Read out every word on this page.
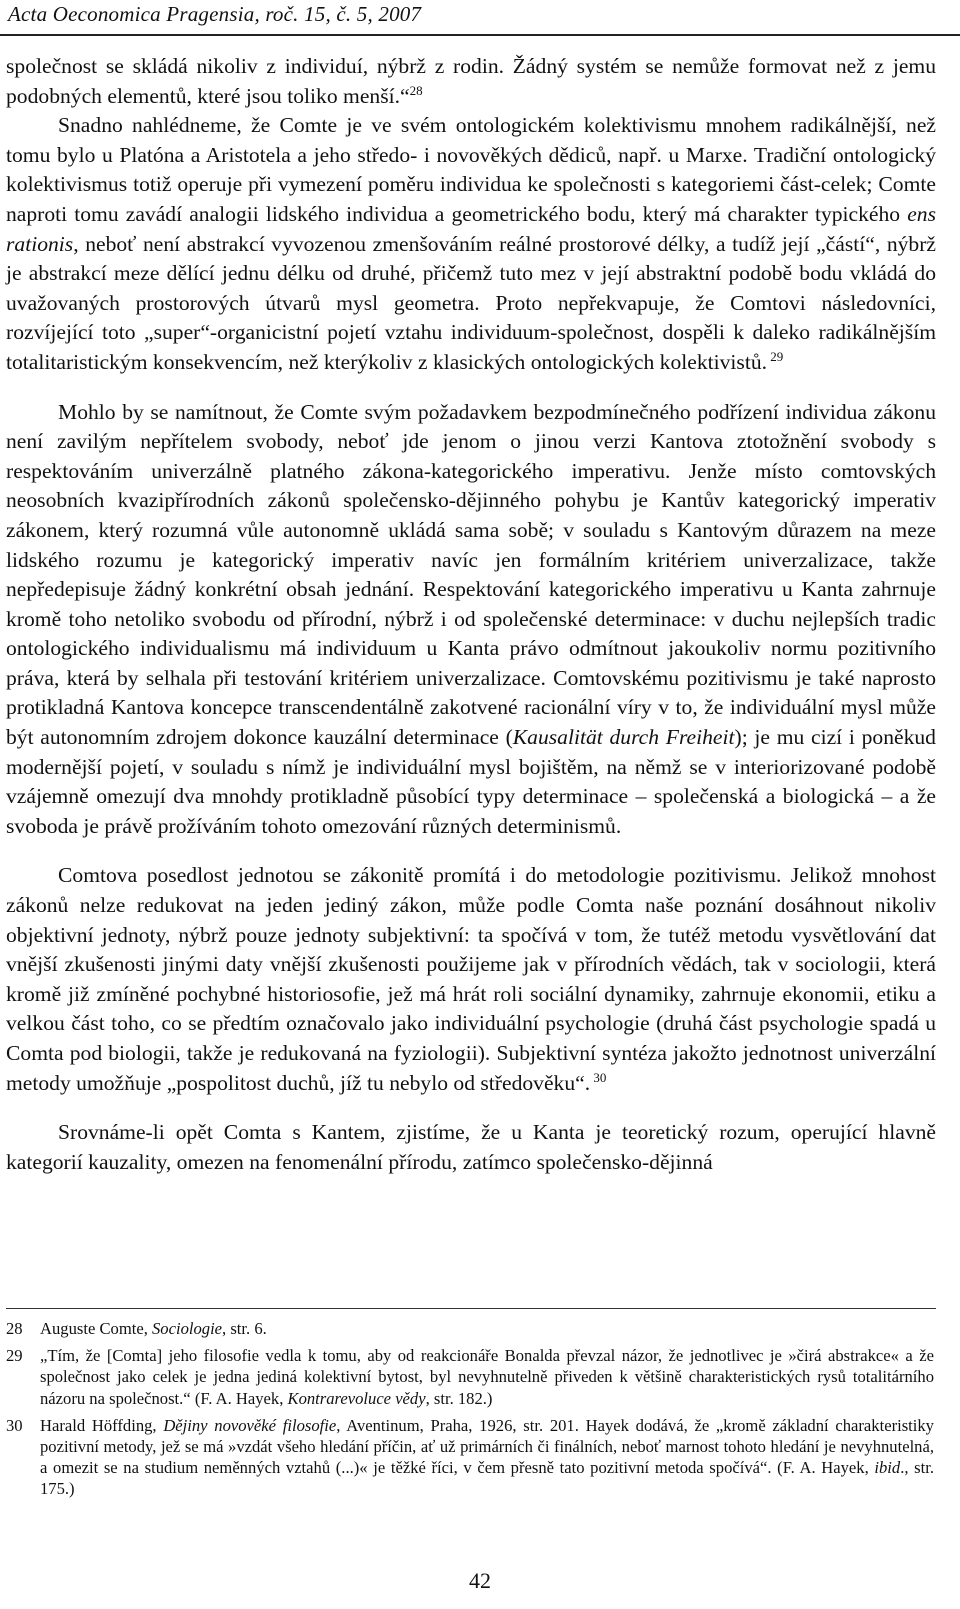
Acta Oeconomica Pragensia, roč. 15, č. 5, 2007

společnost se skládá nikoliv z individuí, nýbrž z rodin. Žádný systém se nemůže formovat než z jemu podobných elementů, které jsou toliko menší.“$^{28}$

Snadno nahlédneme, že Comte je ve svém ontologickém kolektivismu mnohem radikálnější, než tomu bylo u Platóna a Aristotela a jeho středo- i novověkých dědiců, např. u Marxe. Tradiční ontologický kolektivismus totiž operuje při vymezení poměru individua ke společnosti s kategoriemi část-celek; Comte naproti tomu zavádí analogii lidského individua a geometrického bodu, který má charakter typického ens rationis, neboť není abstrakcí vyvozenou zmenšováním reálné prostorové délky, a tudíž její „částí“, nýbrž je abstrakcí meze dělící jednu délku od druhé, přičemž tuto mez v její abstraktní podobě bodu vkládá do uvažovaných prostorových útvarů mysl geometra. Proto nepřekvapuje, že Comtovi následovníci, rozvíjející toto „super“-organicistní pojetí vztahu individuum-společnost, dospěli k daleko radikálnějším totalitaristickým konsekvencím, než kterýkoliv z klasických ontologických kolektivistů. $^{29}$

Mohlo by se namítnout, že Comte svým požadavkem bezpodmínečného podřízení individua zákonu není zavilým nepřítelem svobody, neboť jde jenom o jinou verzi Kantova ztotožnění svobody s respektováním univerzálně platného zákona-kategorického imperativu. Jenže místo comtovských neosobních kvazipřírodních zákonů společensko-dějinného pohybu je Kantův kategorický imperativ zákonem, který rozumná vůle autonomně ukládá sama sobě; v souladu s Kantovým důrazem na meze lidského rozumu je kategorický imperativ navíc jen formálním kritériem univerzalizace, takže nepředepisuje žádný konkrétní obsah jednání. Respektování kategorického imperativu u Kanta zahrnuje kromě toho netoliko svobodu od přírodní, nýbrž i od společenské determinace: v duchu nejlepších tradic ontologického individualismu má individuum u Kanta právo odmítnout jakoukoliv normu pozitivního práva, která by selhala při testování kritériem univerzalizace. Comtovskému pozitivismu je také naprosto protikladná Kantova koncepce transcendentálně zakotvené racionální víry v to, že individuální mysl může být autonomním zdrojem dokonce kauzální determinace (Kausalität durch Freiheit); je mu cizí i poněkud modernější pojetí, v souladu s nímž je individuální mysl bojištěm, na němž se v interiorizované podobě vzájemně omezují dva mnohdy protikladně působící typy determinace – společenská a biologická – a že svoboda je právě prožíváním tohoto omezování různých determinismů.

Comtova posedlost jednotou se zákonitě promítá i do metodologie pozitivismu. Jelikož mnohost zákonů nelze redukovat na jeden jediný zákon, může podle Comta naše poznání dosáhnout nikoliv objektivní jednoty, nýbrž pouze jednoty subjektivní: ta spočívá v tom, že tutéž metodu vysvětlování dat vnější zkušenosti jinými daty vnější zkušenosti použijeme jak v přírodních vědách, tak v sociologii, která kromě již zmíněné pochybné historiosofie, jež má hrát roli sociální dynamiky, zahrnuje ekonomii, etiku a velkou část toho, co se předtím označovalo jako individuální psychologie (druhá část psychologie spadá u Comta pod biologii, takže je redukovaná na fyziologii). Subjektivní syntéza jakožto jednotnost univerzální metody umožňuje „pospolitost duchů, jíž tu nebylo od středověku“. $^{30}$

Srovnáme-li opět Comta s Kantem, zjistíme, že u Kanta je teoretický rozum, operující hlavně kategorií kauzality, omezen na fenomenální přírodu, zatímco společensko-dějinná

28 Auguste Comte, Sociologie, str. 6.
29 „Tím, že [Comta] jeho filosofie vedla k tomu, aby od reakcionáře Bonalda převzal názor, že jednotlivec je »čirá abstrakce« a že společnost jako celek je jedna jediná kolektivní bytost, byl nevyhnutelně přiveden k většině charakteristických rysů totalitárního názoru na společnost.“ (F. A. Hayek, Kontrarevoluce vědy, str. 182.)
30 Harald Höffding, Dějiny novověké filosofie, Aventinum, Praha, 1926, str. 201. Hayek dodává, že „kromě základní charakteristiky pozitivní metody, jež se má »vzdát všeho hledání příčin, ať už primárních či finálních, neboť marnost tohoto hledání je nevyhnutelná, a omezit se na studium neměnných vztahů (...)« je těžké říci, v čem přesně tato pozitivní metoda spočívá“. (F. A. Hayek, ibid., str. 175.)
42
